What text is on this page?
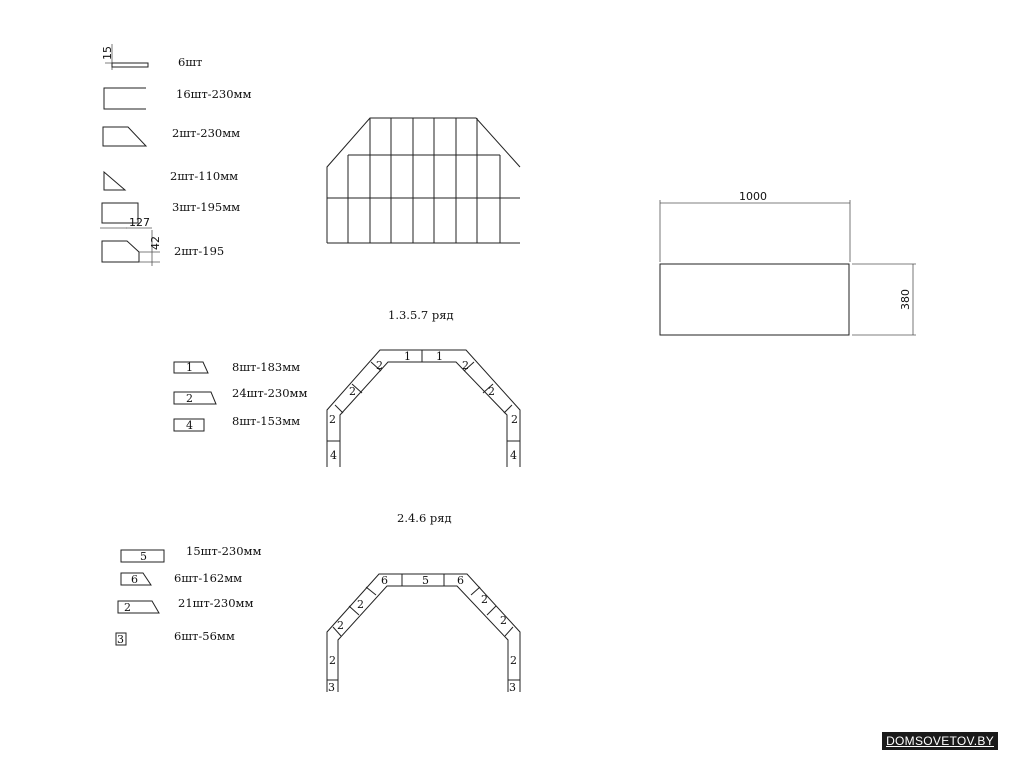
15
6шт
16шт-230мм
2шт-230мм
2шт-110мм
3шт-195мм
127
42
2шт-195
1000
380
1.3.5.7 ряд
1	8шт-183мм
2	24шт-230мм
4	8шт-153мм
1 1
2	2
2	2
2	2
4	4
2.4.6 ряд
5	15шт-230мм
6	6шт-162мм
2	21шт-230мм
3	6шт-56мм
6	5	6
2	2
2	2
2	2
3	3
DOMSOVETOV.BY
